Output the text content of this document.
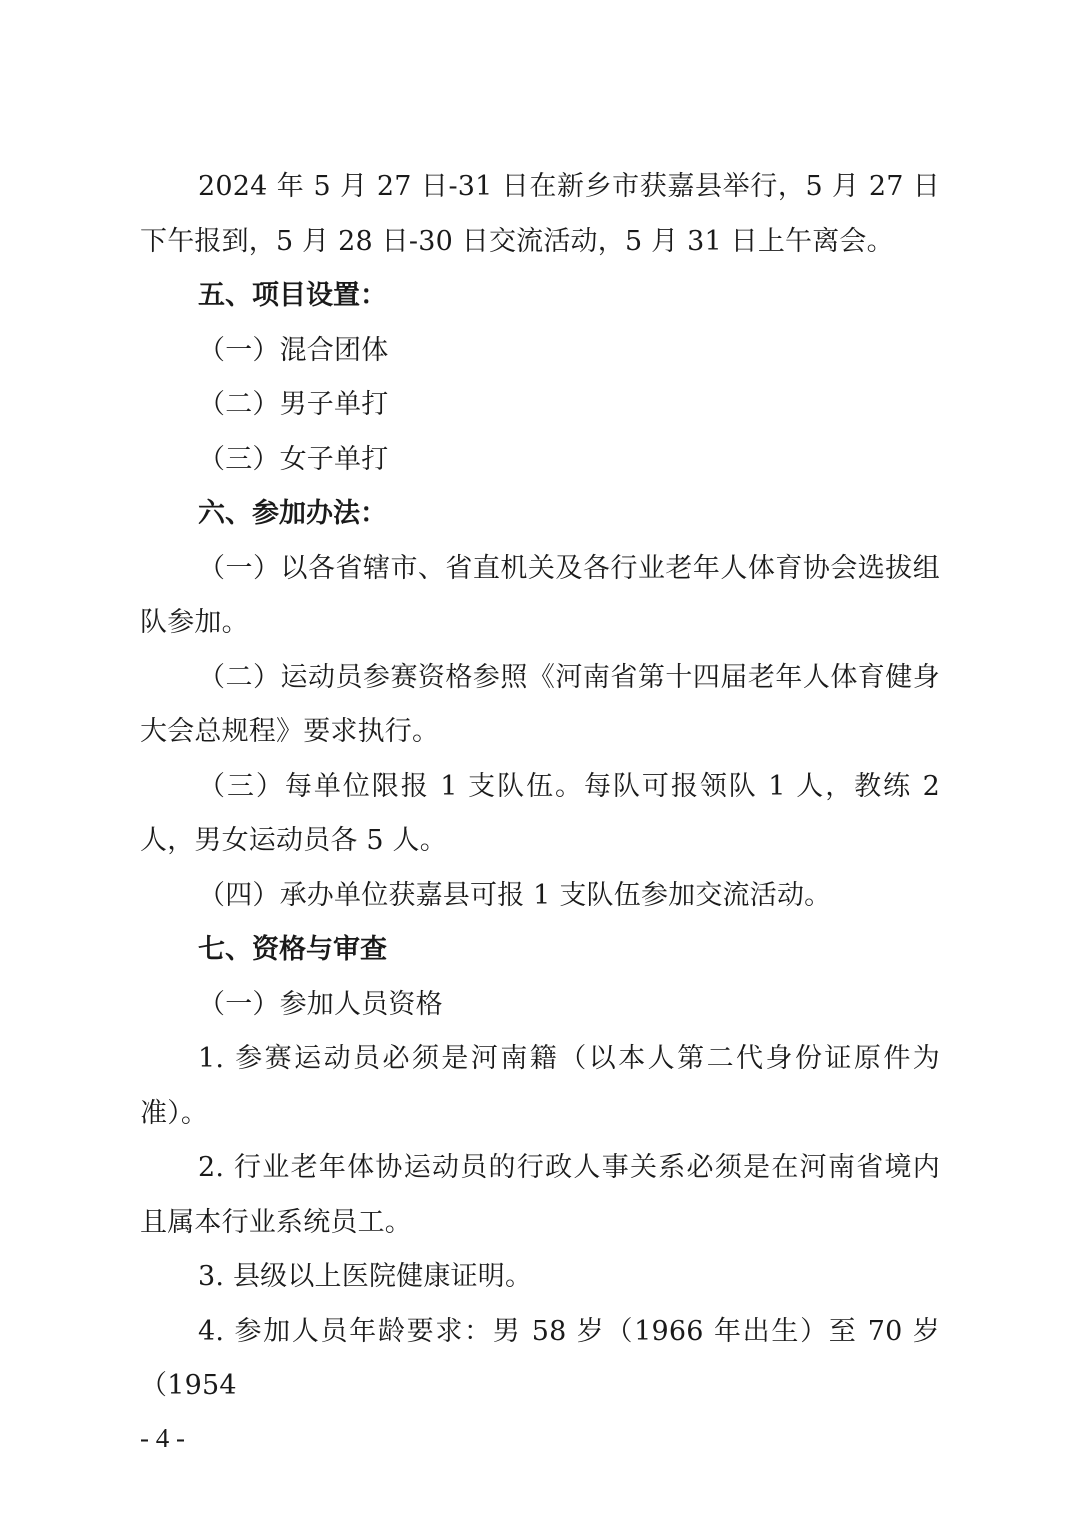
2024 年 5 月 27 日-31 日在新乡市获嘉县举行，5 月 27 日下午报到，5 月 28 日-30 日交流活动，5 月 31 日上午离会。

五、项目设置：

（一）混合团体

（二）男子单打

（三）女子单打

六、参加办法：

（一）以各省辖市、省直机关及各行业老年人体育协会选拔组队参加。

（二）运动员参赛资格参照《河南省第十四届老年人体育健身大会总规程》要求执行。

（三）每单位限报 1 支队伍。每队可报领队 1 人，教练 2 人，男女运动员各 5 人。

（四）承办单位获嘉县可报 1 支队伍参加交流活动。

七、资格与审查

（一）参加人员资格

1. 参赛运动员必须是河南籍（以本人第二代身份证原件为准）。

2. 行业老年体协运动员的行政人事关系必须是在河南省境内且属本行业系统员工。

3. 县级以上医院健康证明。

4. 参加人员年龄要求：男 58 岁（1966 年出生）至 70 岁（1954

- 4 -
